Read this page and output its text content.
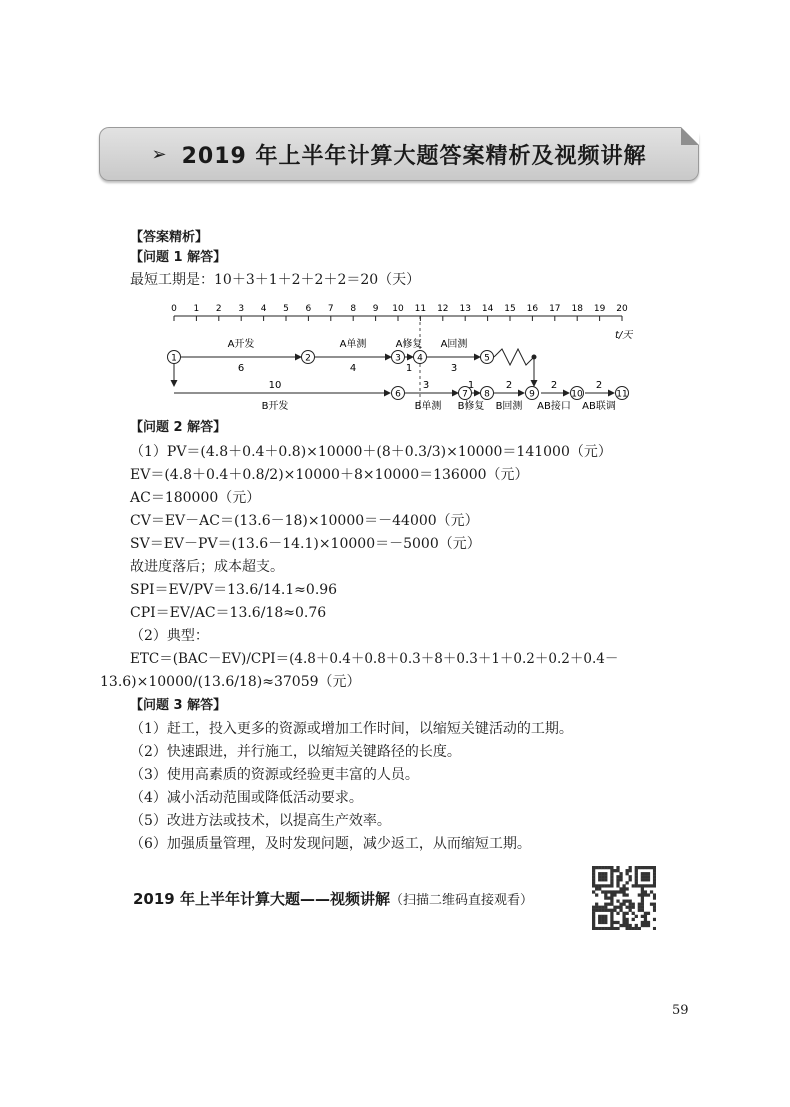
➢ 2019 年上半年计算大题答案精析及视频讲解
【答案精析】
【问题 1 解答】
最短工期是：10＋3＋1＋2＋2＋2＝20（天）
0 1 2 3 4 5 6 7 8 9 10 11 12 13 14 15 16 17 18 19 20
t/天
1	2	3 4	5
6	7 8	9	10	11
A开发
6
A单测
4
A修复
1
A回测
3
10
B开发
3
B单测
1
B修复
2
B回测
2
AB接口
2
AB联调
【问题 2 解答】
（1）PV＝(4.8＋0.4＋0.8)×10000＋(8＋0.3/3)×10000＝141000（元）
EV＝(4.8＋0.4＋0.8/2)×10000＋8×10000＝136000（元）
AC＝180000（元）
CV＝EV－AC＝(13.6－18)×10000＝－44000（元）
SV＝EV－PV＝(13.6－14.1)×10000＝－5000（元）
故进度落后；成本超支。
SPI＝EV/PV＝13.6/14.1≈0.96
CPI＝EV/AC＝13.6/18≈0.76
（2）典型：
ETC＝(BAC－EV)/CPI＝(4.8＋0.4＋0.8＋0.3＋8＋0.3＋1＋0.2＋0.2＋0.4－
13.6)×10000/(13.6/18)≈37059（元）
【问题 3 解答】
（1）赶工，投入更多的资源或增加工作时间，以缩短关键活动的工期。
（2）快速跟进，并行施工，以缩短关键路径的长度。
（3）使用高素质的资源或经验更丰富的人员。
（4）减小活动范围或降低活动要求。
（5）改进方法或技术，以提高生产效率。
（6）加强质量管理，及时发现问题，减少返工，从而缩短工期。
2019 年上半年计算大题——视频讲解（扫描二维码直接观看）
59
